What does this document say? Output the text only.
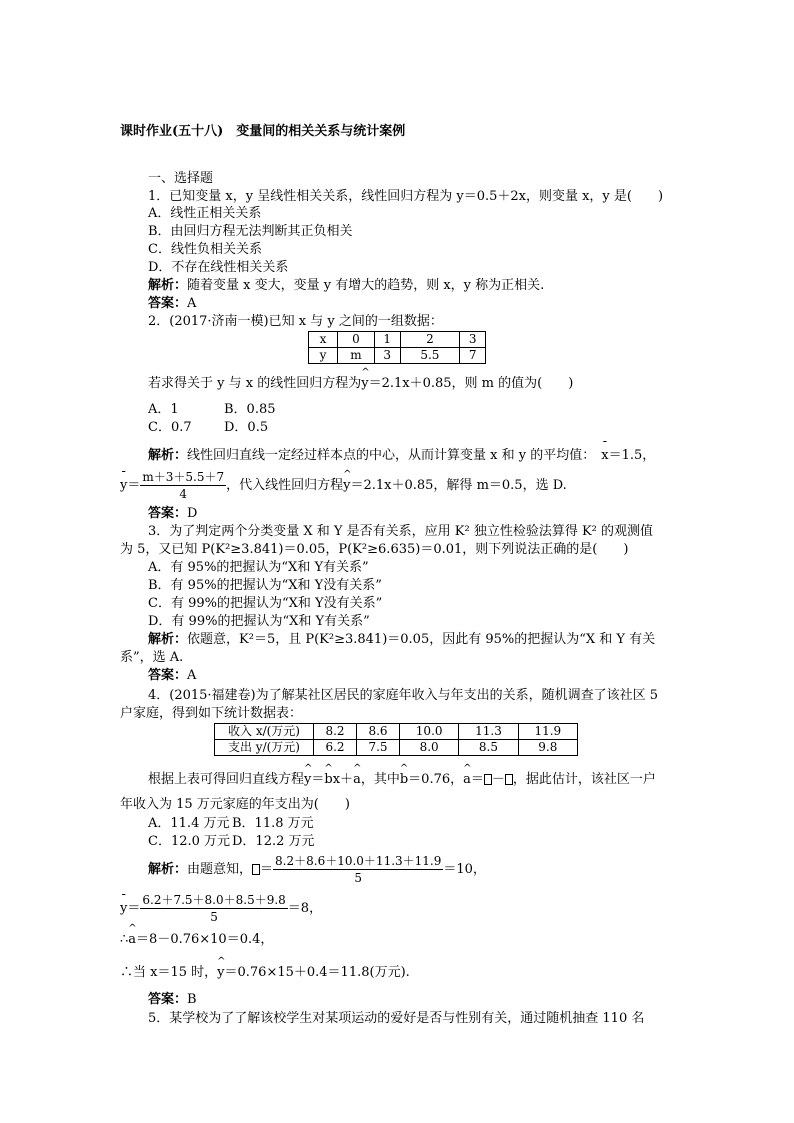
课时作业(五十八)　变量间的相关关系与统计案例
一、选择题
1．已知变量 x，y 呈线性相关关系，线性回归方程为 y＝0.5＋2x，则变量 x，y 是(　　)
A．线性正相关关系
B．由回归方程无法判断其正负相关
C．线性负相关关系
D．不存在线性相关关系
解析：随着变量 x 变大，变量 y 有增大的趋势，则 x，y 称为正相关.
答案：A
2．(2017·济南一模)已知 x 与 y 之间的一组数据：
x	0	1	2	3
y	m	3	5.5	7
若求得关于 y 与 x 的线性回归方程为^ y＝2.1x＋0.85，则 m 的值为(　　)
A．1	B．0.85
C．0.7 D．0.5
解析：线性回归直线一定经过样本点的中心，从而计算变量 x 和 y 的平均值： - x＝1.5，
- $y= \frac{m+3+5.5+7}{4}$ ，代入线性回归方程^ y＝2.1x＋0.85，解得 m＝0.5，选 D.
答案：D
3．为了判定两个分类变量 X 和 Y 是否有关系，应用 K² 独立性检验法算得 K² 的观测值
为 5，又已知 P(K²≥3.841)＝0.05，P(K²≥6.635)＝0.01，则下列说法正确的是(　　)
A．有 95%的把握认为“X和 Y有关系”
B．有 95%的把握认为“X和 Y没有关系”
C．有 99%的把握认为“X和 Y没有关系”
D．有 99%的把握认为“X和 Y有关系”
解析：依题意，K²＝5，且 P(K²≥3.841)＝0.05，因此有 95%的把握认为“X 和 Y 有关
系”，选 A.
答案：A
4．(2015·福建卷)为了解某社区居民的家庭年收入与年支出的关系，随机调查了该社区 5
户家庭，得到如下统计数据表：
收入 x/(万元)	8.2	8.6	10.0	11.3	11.9
支出 y/(万元)	6.2	7.5	8.0	8.5	9.8
根据上表可得回归直线方程^ y＝^ bx＋^ a，其中^ b＝0.76，^ a＝ － ，据此估计，该社区一户
年收入为 15 万元家庭的年支出为(　　)
A．11.4 万元 B．11.8 万元
C．12.0 万元 D．12.2 万元
解析：由题意知， ＝ $\frac{8.2+8.6+10.0+11.3+11.9}{5} =10$，
- $y= \frac{6.2+7.5+8.0+8.5+9.8}{5} =8$，
∴^ a＝8－0.76×10＝0.4，
∴当 x＝15 时，^ y＝0.76×15＋0.4＝11.8(万元).
答案：B
5．某学校为了了解该校学生对某项运动的爱好是否与性别有关，通过随机抽查 110 名
